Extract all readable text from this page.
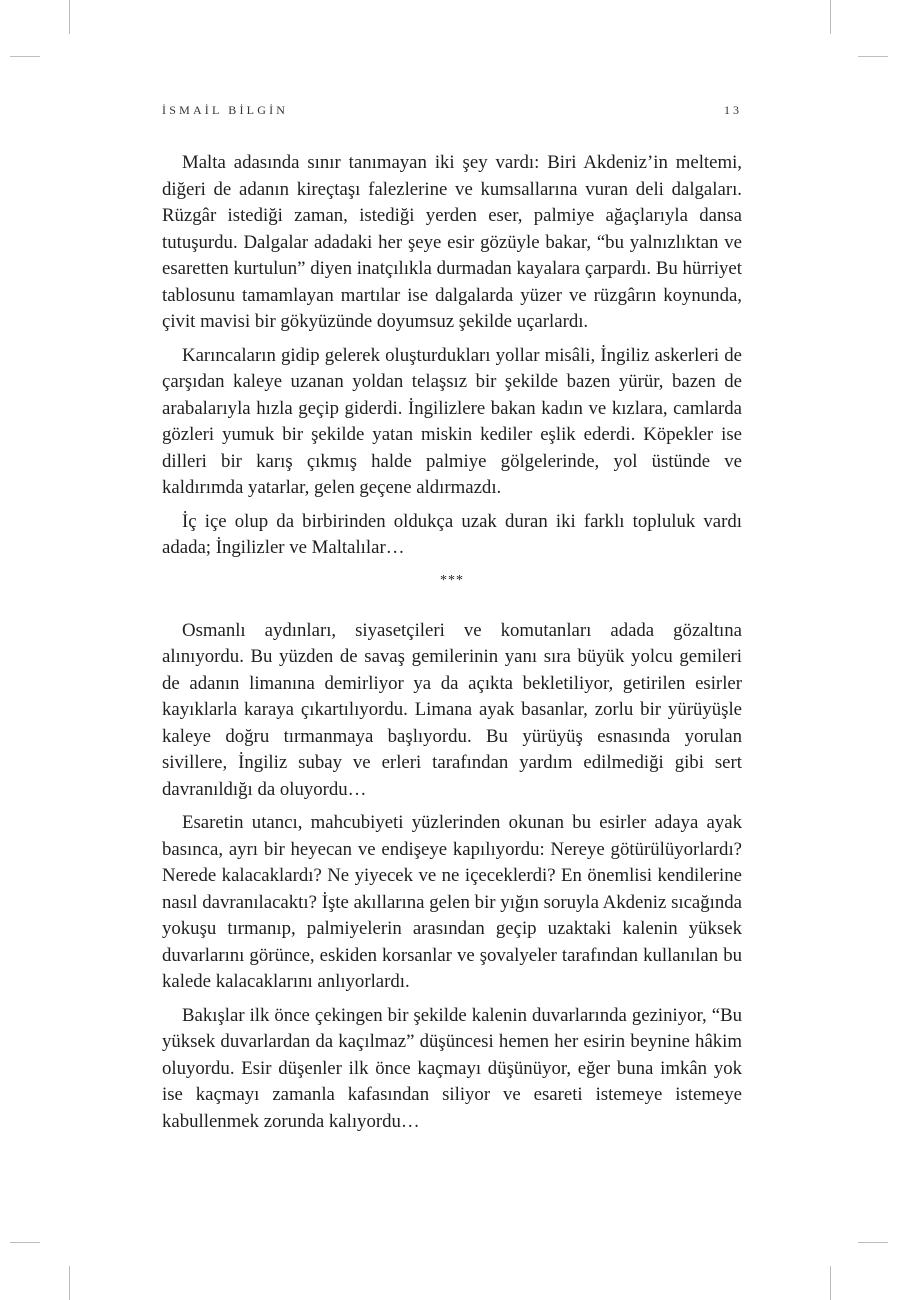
İSMAİL BİLGİN	13

Malta adasında sınır tanımayan iki şey vardı: Biri Akdeniz’in meltemi, diğeri de adanın kireçtaşı falezlerine ve kumsallarına vuran deli dalgaları. Rüzgâr istediği zaman, istediği yerden eser, palmiye ağaçlarıyla dansa tutuşurdu. Dalgalar adadaki her şeye esir gözüyle bakar, “bu yalnızlıktan ve esaretten kurtulun” diyen inatçılıkla durmadan kayalara çarpardı. Bu hürriyet tablosunu tamamlayan martılar ise dalgalarda yüzer ve rüzgârın koynunda, çivit mavisi bir gökyüzünde doyumsuz şekilde uçarlardı.

Karıncaların gidip gelerek oluşturdukları yollar misâli, İngiliz askerleri de çarşıdan kaleye uzanan yoldan telaşsız bir şekilde bazen yürür, bazen de arabalarıyla hızla geçip giderdi. İngilizlere bakan kadın ve kızlara, camlarda gözleri yumuk bir şekilde yatan miskin kediler eşlik ederdi. Köpekler ise dilleri bir karış çıkmış halde palmiye gölgelerinde, yol üstünde ve kaldırımda yatarlar, gelen geçene aldırmazdı.

İç içe olup da birbirinden oldukça uzak duran iki farklı topluluk vardı adada; İngilizler ve Maltalılar…

***

Osmanlı aydınları, siyasetçileri ve komutanları adada gözaltına alınıyordu. Bu yüzden de savaş gemilerinin yanı sıra büyük yolcu gemileri de adanın limanına demirliyor ya da açıkta bekletiliyor, getirilen esirler kayıklarla karaya çıkartılıyordu. Limana ayak basanlar, zorlu bir yürüyüşle kaleye doğru tırmanmaya başlıyordu. Bu yürüyüş esnasında yorulan sivillere, İngiliz subay ve erleri tarafından yardım edilmediği gibi sert davranıldığı da oluyordu…

Esaretin utancı, mahcubiyeti yüzlerinden okunan bu esirler adaya ayak basınca, ayrı bir heyecan ve endişeye kapılıyordu: Nereye götürülüyorlardı? Nerede kalacaklardı? Ne yiyecek ve ne içeceklerdi? En önemlisi kendilerine nasıl davranılacaktı? İşte akıllarına gelen bir yığın soruyla Akdeniz sıcağında yokuşu tırmanıp, palmiyelerin arasından geçip uzaktaki kalenin yüksek duvarlarını görünce, eskiden korsanlar ve şovalyeler tarafından kullanılan bu kalede kalacaklarını anlıyorlardı.

Bakışlar ilk önce çekingen bir şekilde kalenin duvarlarında geziniyor, “Bu yüksek duvarlardan da kaçılmaz” düşüncesi hemen her esirin beynine hâkim oluyordu. Esir düşenler ilk önce kaçmayı düşünüyor, eğer buna imkân yok ise kaçmayı zamanla kafasından siliyor ve esareti istemeye istemeye kabullenmek zorunda kalıyordu…
